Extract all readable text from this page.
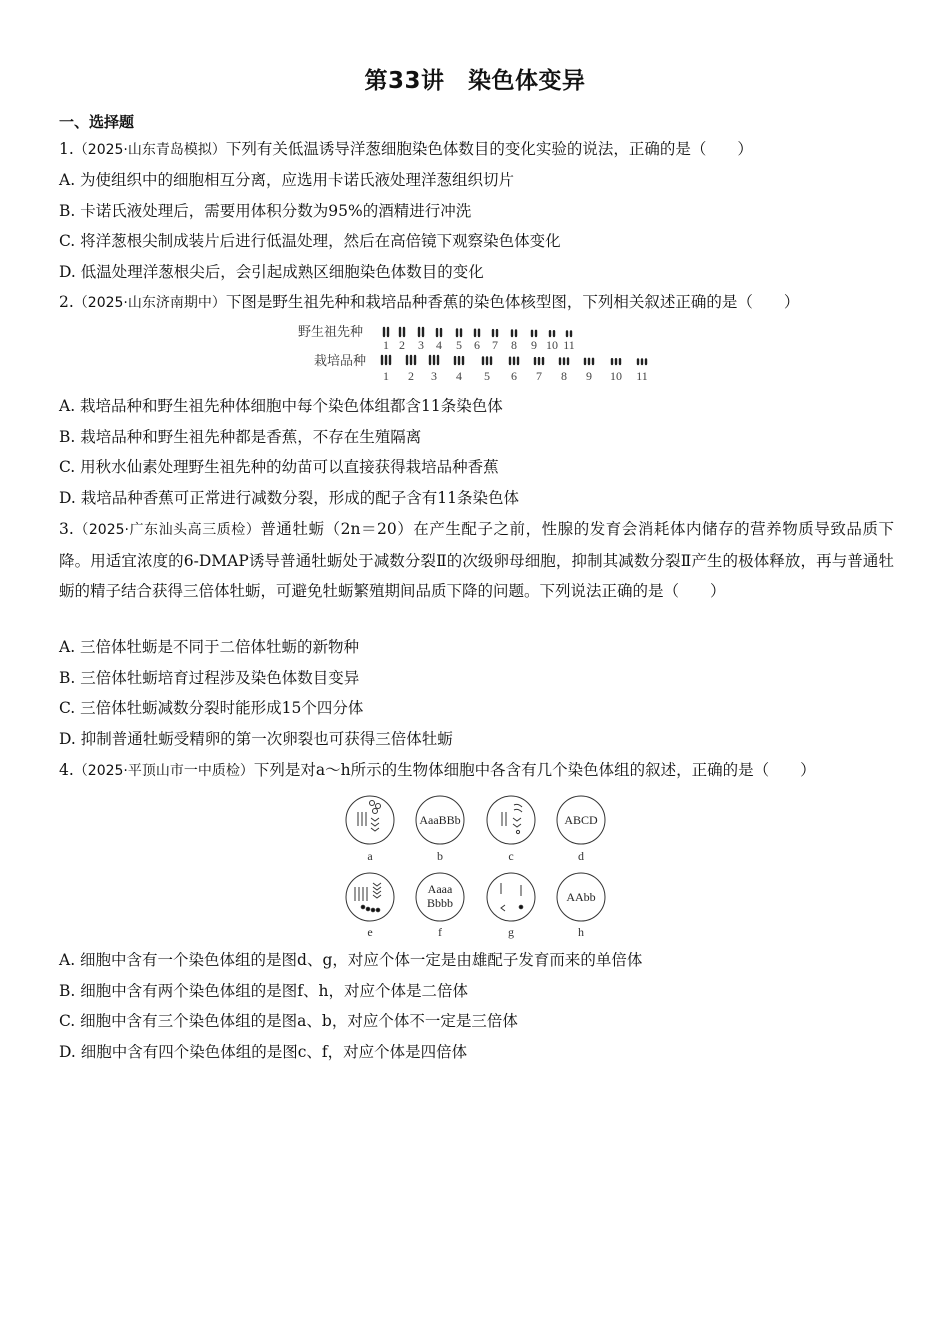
第33讲　染色体变异
一、选择题
1.（2025·山东青岛模拟）下列有关低温诱导洋葱细胞染色体数目的变化实验的说法，正确的是（　　）
A. 为使组织中的细胞相互分离，应选用卡诺氏液处理洋葱组织切片
B. 卡诺氏液处理后，需要用体积分数为95%的酒精进行冲洗
C. 将洋葱根尖制成装片后进行低温处理，然后在高倍镜下观察染色体变化
D. 低温处理洋葱根尖后，会引起成熟区细胞染色体数目的变化
2.（2025·山东济南期中）下图是野生祖先种和栽培品种香蕉的染色体核型图，下列相关叙述正确的是（　　）
野生祖先种
栽培品种
1 2 3 4 5 6 7 8 9 10 11
1 2 3 4 5 6 7 8 9 10 11
A. 栽培品种和野生祖先种体细胞中每个染色体组都含11条染色体
B. 栽培品种和野生祖先种都是香蕉，不存在生殖隔离
C. 用秋水仙素处理野生祖先种的幼苗可以直接获得栽培品种香蕉
D. 栽培品种香蕉可正常进行减数分裂，形成的配子含有11条染色体
3.（2025·广东汕头高三质检）普通牡蛎（2n＝20）在产生配子之前，性腺的发育会消耗体内储存的营养物质导致品质下降。用适宜浓度的6-DMAP诱导普通牡蛎处于减数分裂Ⅱ的次级卵母细胞，抑制其减数分裂Ⅱ产生的极体释放，再与普通牡蛎的精子结合获得三倍体牡蛎，可避免牡蛎繁殖期间品质下降的问题。下列说法正确的是（　　）
A. 三倍体牡蛎是不同于二倍体牡蛎的新物种
B. 三倍体牡蛎培育过程涉及染色体数目变异
C. 三倍体牡蛎减数分裂时能形成15个四分体
D. 抑制普通牡蛎受精卵的第一次卵裂也可获得三倍体牡蛎
4.（2025·平顶山市一中质检）下列是对a～h所示的生物体细胞中各含有几个染色体组的叙述，正确的是（　　）
AaaBBb	ABCD
Aaaa
Bbbb	AAbb
a	b	c	d
e	f	g	h
A. 细胞中含有一个染色体组的是图d、g，对应个体一定是由雄配子发育而来的单倍体
B. 细胞中含有两个染色体组的是图f、h，对应个体是二倍体
C. 细胞中含有三个染色体组的是图a、b，对应个体不一定是三倍体
D. 细胞中含有四个染色体组的是图c、f，对应个体是四倍体
